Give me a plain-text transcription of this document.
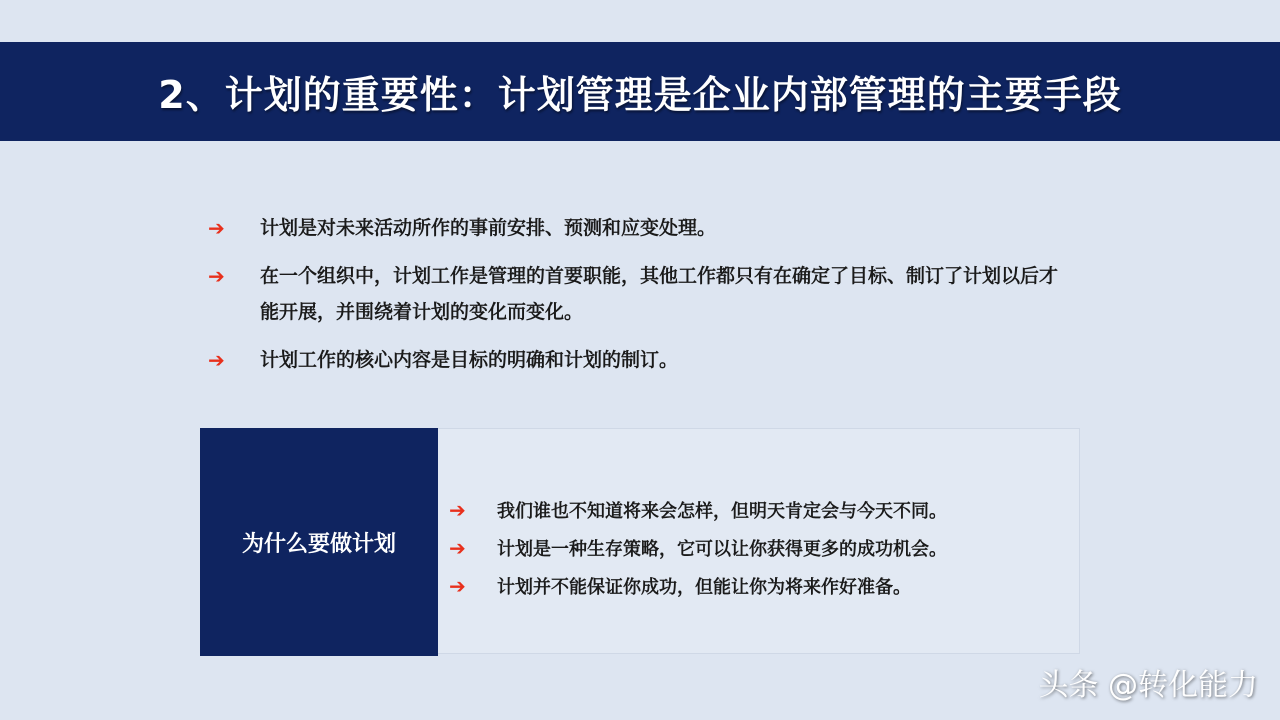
2、计划的重要性：计划管理是企业内部管理的主要手段
➔	计划是对未来活动所作的事前安排、预测和应变处理。
➔	在一个组织中，计划工作是管理的首要职能，其他工作都只有在确定了目标、制订了计划以后才能开展，并围绕着计划的变化而变化。
➔	计划工作的核心内容是目标的明确和计划的制订。
为什么要做计划
➔	我们谁也不知道将来会怎样，但明天肯定会与今天不同。
➔	计划是一种生存策略，它可以让你获得更多的成功机会。
➔	计划并不能保证你成功，但能让你为将来作好准备。
头条 @转化能力
